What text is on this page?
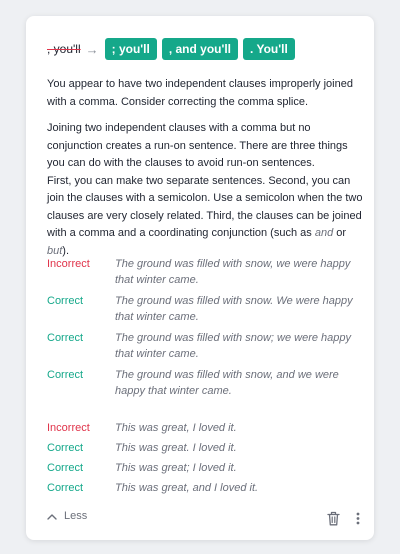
, you'll →	; you'll	, and you'll	. You'll
You appear to have two independent clauses improperly joined with a comma. Consider correcting the comma splice.
Joining two independent clauses with a comma but no conjunction creates a run-on sentence. There are three things you can do with the clauses to avoid run-on sentences.
First, you can make two separate sentences. Second, you can join the clauses with a semicolon. Use a semicolon when the two clauses are very closely related. Third, the clauses can be joined with a comma and a coordinating conjunction (such as and or but).
Incorrect	The ground was filled with snow, we were happy that winter came.
Correct	The ground was filled with snow. We were happy that winter came.
Correct	The ground was filled with snow; we were happy that winter came.
Correct	The ground was filled with snow, and we were happy that winter came.
Incorrect	This was great, I loved it.
Correct	This was great. I loved it.
Correct	This was great; I loved it.
Correct	This was great, and I loved it.
Less
